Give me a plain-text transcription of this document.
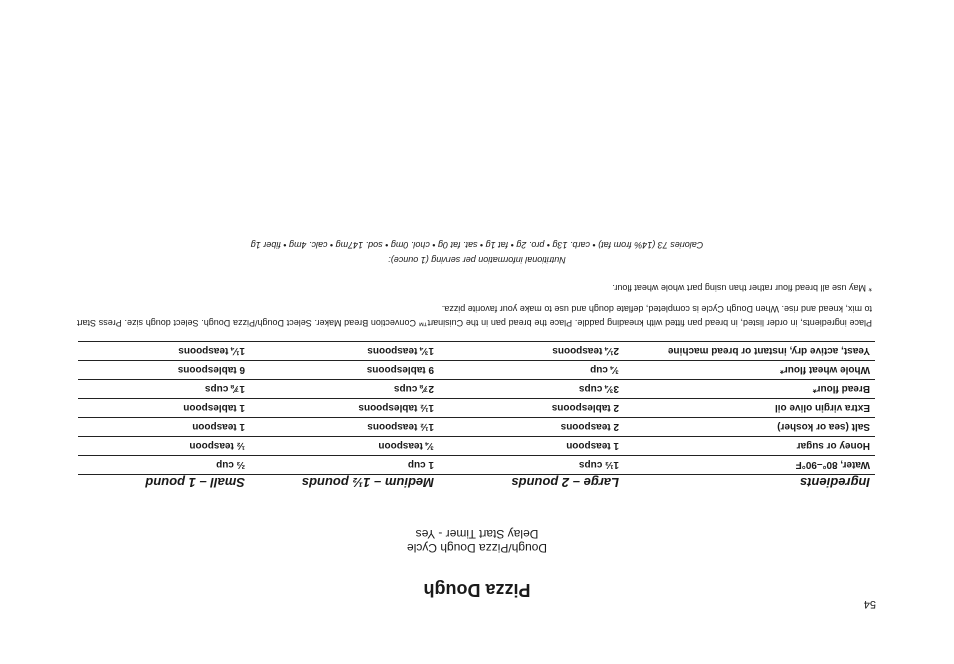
54
Pizza Dough
Dough/Pizza Dough Cycle
Delay Start Timer - Yes
Ingredients	Large – 2 pounds	Medium – 1½ pounds	Small – 1 pound
Water, 80°–90°F	1⅓ cups	1 cup	⅔ cup
Honey or sugar	1 teaspoon	¾ teaspoon	½ teaspoon
Salt (sea or kosher)	2 teaspoons	1½ teaspoons	1 teaspoon
Extra virgin olive oil	2 tablespoons	1½ tablespoons	1 tablespoon
Bread flour*	3¾ cups	2⅞ cups	1⅞ cups
Whole wheat flour*	¾ cup	9 tablespoons	6 tablespoons
Yeast, active dry, instant or bread machine	2¼ teaspoons	1¾ teaspoons	1¼ teaspoons
Place ingredients, in order listed, in bread pan fitted with kneading paddle. Place the bread pan in the Cuisinart™ Convection Bread Maker. Select Dough/Pizza Dough. Select dough size. Press Start to mix, knead and rise. When Dough Cycle is completed, deflate dough and use to make your favorite pizza.
* May use all bread flour rather than using part whole wheat flour.
Nutritional information per serving (1 ounce):
Calories 73 (14% from fat) • carb. 13g • pro. 2g • fat 1g • sat. fat 0g • chol. 0mg • sod. 147mg • calc. 4mg • fiber 1g
